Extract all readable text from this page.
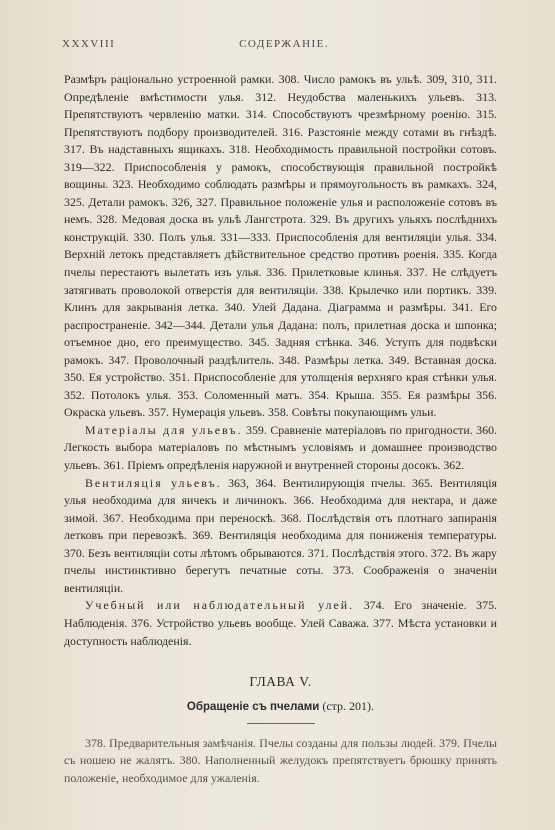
XXXVIII	СОДЕРЖАНІЕ.

Размѣръ раціонально устроенной рамки. 308. Число рамокъ въ ульѣ. 309, 310, 311. Опредѣленіе вмѣстимости улья. 312. Неудобства маленькихъ ульевъ. 313. Препятствуютъ червленію матки. 314. Способствуютъ чрезмѣрному роенію. 315. Препятствуютъ подбору производителей. 316. Разстояніе между сотами въ гнѣздѣ. 317. Въ надставныхъ ящикахъ. 318. Необходимость правильной постройки сотовъ. 319—322. Приспособленія у рамокъ, способствующія правильной постройкѣ вощины. 323. Необходимо соблюдать размѣры и прямоугольность въ рамкахъ. 324, 325. Детали рамокъ. 326, 327. Правильное положеніе улья и расположеніе сотовъ въ немъ. 328. Медовая доска въ ульѣ Лангстрота. 329. Въ другихъ ульяхъ послѣднихъ конструкцій. 330. Полъ улья. 331—333. Приспособленія для вентиляціи улья. 334. Верхній летокъ представляетъ дѣйствительное средство противъ роенія. 335. Когда пчелы перестаютъ вылетать изъ улья. 336. Прилетковые клинья. 337. Не слѣдуетъ затягивать проволокой отверстія для вентиляціи. 338. Крылечко или портикъ. 339. Клинъ для закрыванія летка. 340. Улей Дадана. Діаграмма и размѣры. 341. Его распространеніе. 342—344. Детали улья Дадана: полъ, прилетная доска и шпонка; отъемное дно, его преимущество. 345. Задняя стѣнка. 346. Уступъ для подвѣски рамокъ. 347. Проволочный раздѣлитель. 348. Размѣры летка. 349. Вставная доска. 350. Ея устройство. 351. Приспособленіе для утолщенія верхняго края стѣнки улья. 352. Потолокъ улья. 353. Соломенный матъ. 354. Крыша. 355. Ея размѣры 356. Окраска ульевъ. 357. Нумерація ульевъ. 358. Совѣты покупающимъ ульи.

Матеріалы для ульевъ. 359. Сравненіе матеріаловъ по пригодности. 360. Легкость выбора матеріаловъ по мѣстнымъ условіямъ и домашнее производство ульевъ. 361. Пріемъ опредѣленія наружной и внутренней стороны досокъ. 362.

Вентиляція ульевъ. 363, 364. Вентилирующія пчелы. 365. Вентиляція улья необходима для яичекъ и личинокъ. 366. Необходима для нектара, и даже зимой. 367. Необходима при переноскѣ. 368. Послѣдствія отъ плотнаго запиранія летковъ при перевозкѣ. 369. Вентиляція необходима для пониженія температуры. 370. Безъ вентиляціи соты лѣтомъ обрываются. 371. Послѣдствія этого. 372. Въ жару пчелы инстинктивно берегутъ печатные соты. 373. Соображенія о значеніи вентиляціи.

Учебный или наблюдательный улей. 374. Его значеніе. 375. Наблюденія. 376. Устройство ульевъ вообще. Улей Саважа. 377. Мѣста установки и доступность наблюденія.

ГЛАВА V.
Обращеніе съ пчелами (стр. 201).

378. Предварительныя замѣчанія. Пчелы созданы для пользы людей. 379. Пчелы съ ношею не жалятъ. 380. Наполненный желудокъ препятствуетъ брюшку принять положеніе, необходимое для ужаленія.
